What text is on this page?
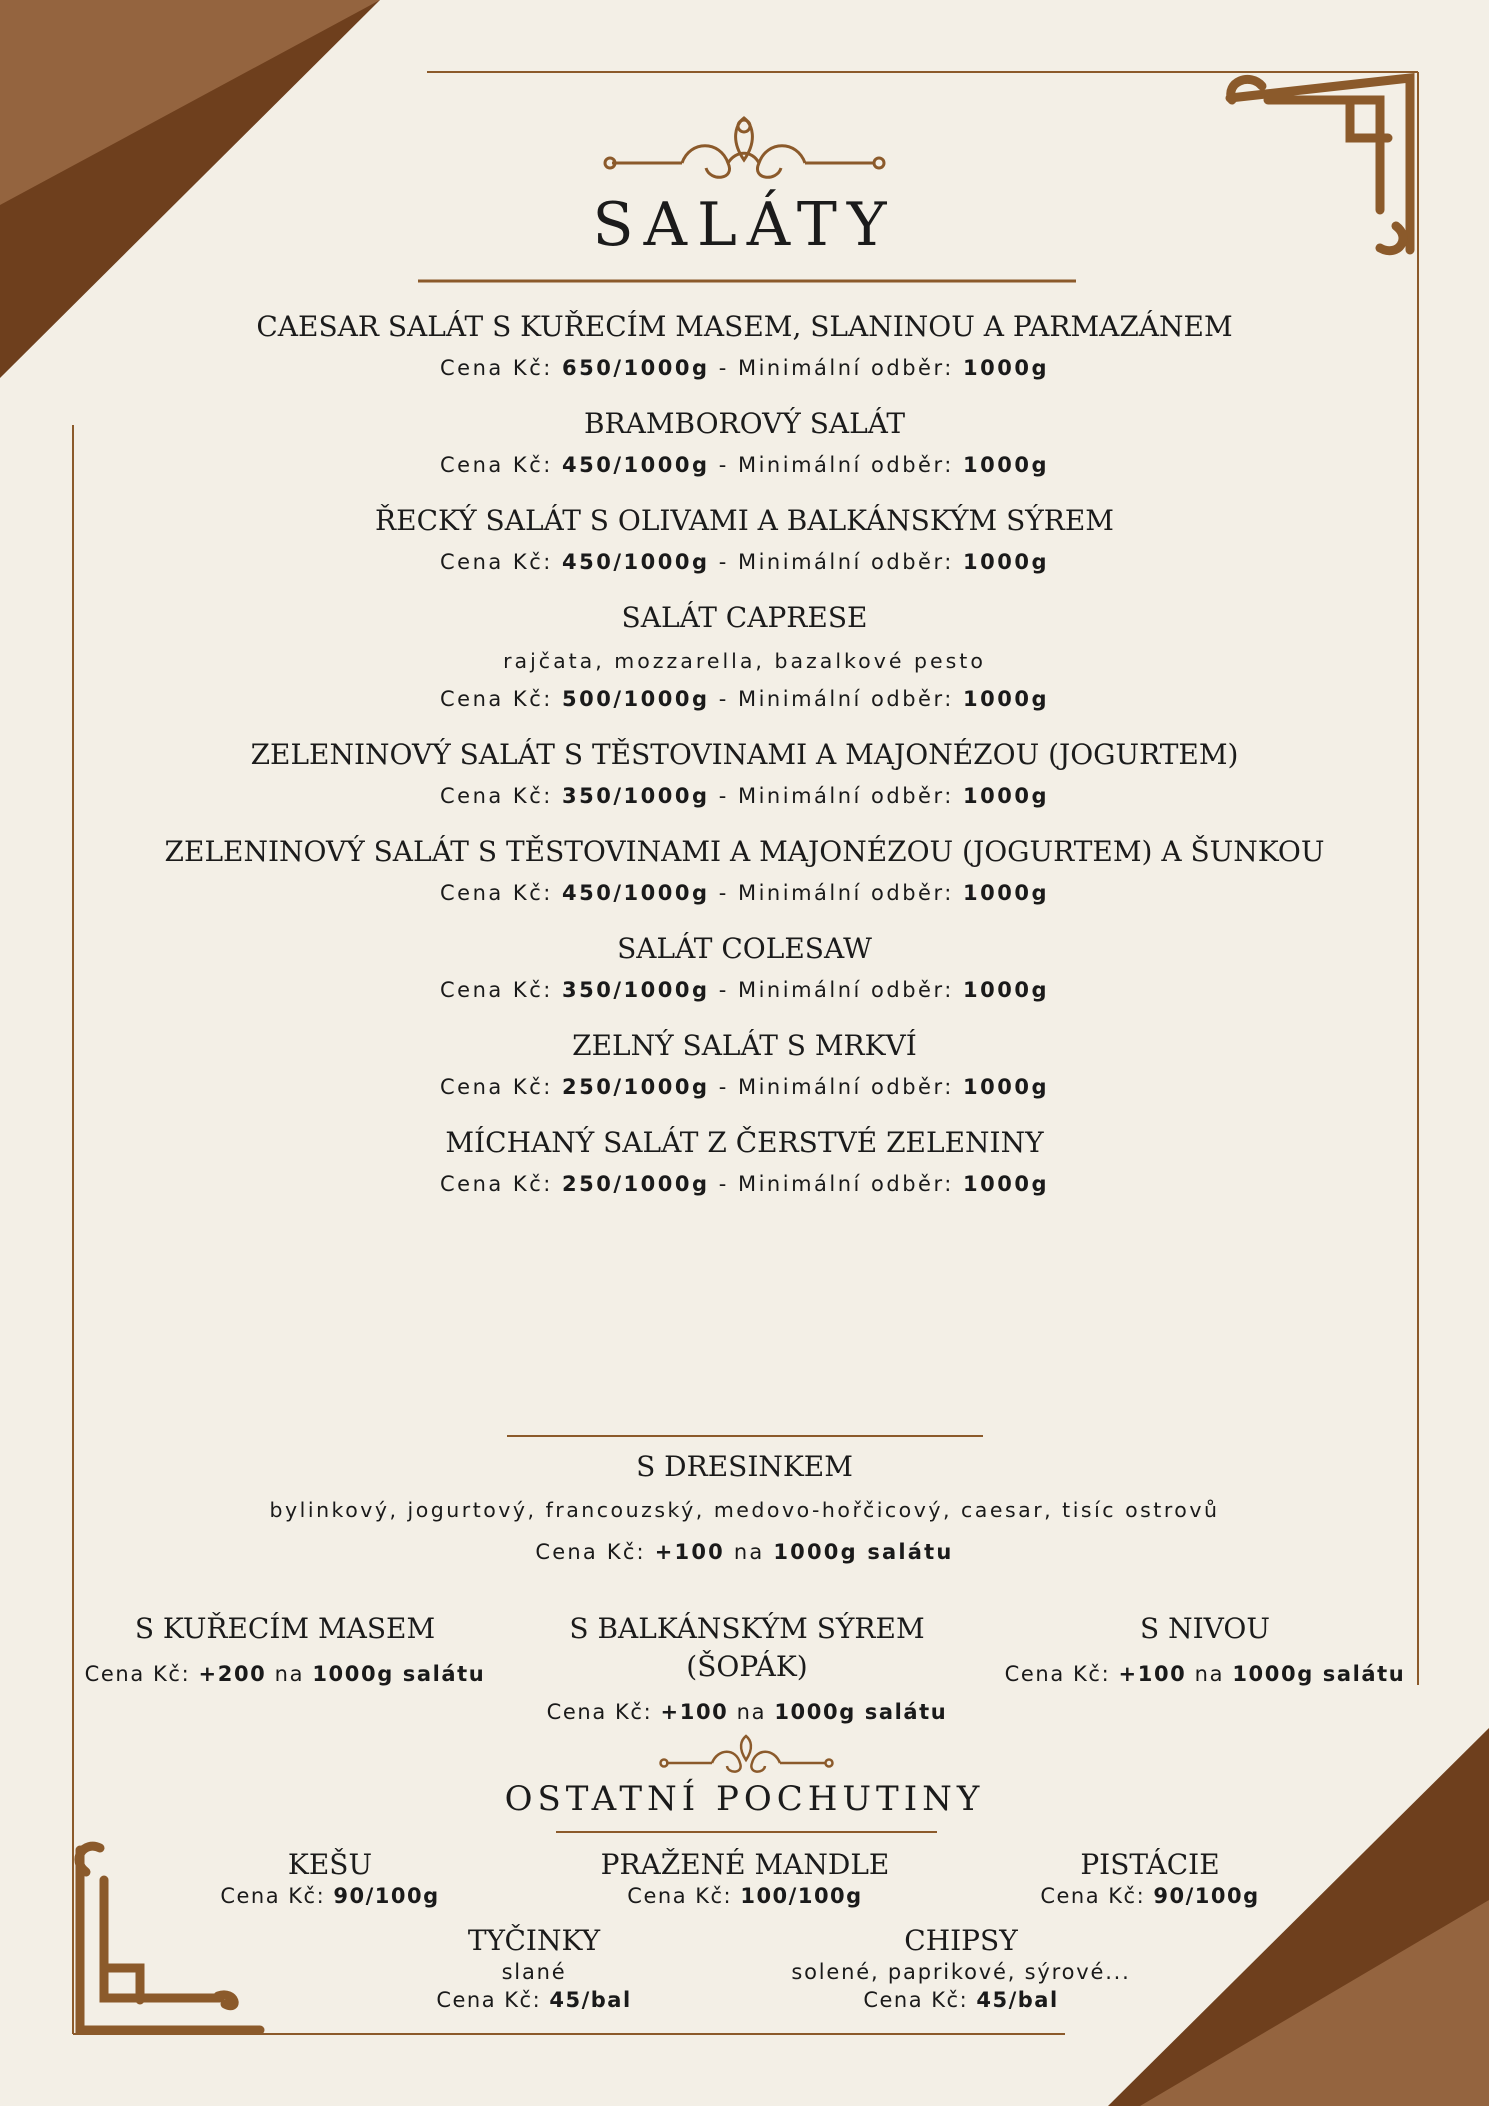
SALÁTY
CAESAR SALÁT S KUŘECÍM MASEM, SLANINOU A PARMAZÁNEM
Cena Kč: 650/1000g - Minimální odběr: 1000g
BRAMBOROVÝ SALÁT
Cena Kč: 450/1000g - Minimální odběr: 1000g
ŘECKÝ SALÁT S OLIVAMI A BALKÁNSKÝM SÝREM
Cena Kč: 450/1000g - Minimální odběr: 1000g
SALÁT CAPRESE
rajčata, mozzarella, bazalkové pesto
Cena Kč: 500/1000g - Minimální odběr: 1000g
ZELENINOVÝ SALÁT S TĚSTOVINAMI A MAJONÉZOU (JOGURTEM)
Cena Kč: 350/1000g - Minimální odběr: 1000g
ZELENINOVÝ SALÁT S TĚSTOVINAMI A MAJONÉZOU (JOGURTEM) A ŠUNKOU
Cena Kč: 450/1000g - Minimální odběr: 1000g
SALÁT COLESAW
Cena Kč: 350/1000g - Minimální odběr: 1000g
ZELNÝ SALÁT S MRKVÍ
Cena Kč: 250/1000g - Minimální odběr: 1000g
MÍCHANÝ SALÁT Z ČERSTVÉ ZELENINY
Cena Kč: 250/1000g - Minimální odběr: 1000g
S DRESINKEM
bylinkový, jogurtový, francouzský, medovo-hořčicový, caesar, tisíc ostrovů
Cena Kč: +100 na 1000g salátu
S KUŘECÍM MASEM
Cena Kč: +200 na 1000g salátu
S BALKÁNSKÝM SÝREM (ŠOPÁK)
Cena Kč: +100 na 1000g salátu
S NIVOU
Cena Kč: +100 na 1000g salátu
OSTATNÍ POCHUTINY
KEŠU
Cena Kč: 90/100g
PRAŽENÉ MANDLE
Cena Kč: 100/100g
PISTÁCIE
Cena Kč: 90/100g
TYČINKY
slané
Cena Kč: 45/bal
CHIPSY
solené, paprikové, sýrové...
Cena Kč: 45/bal
